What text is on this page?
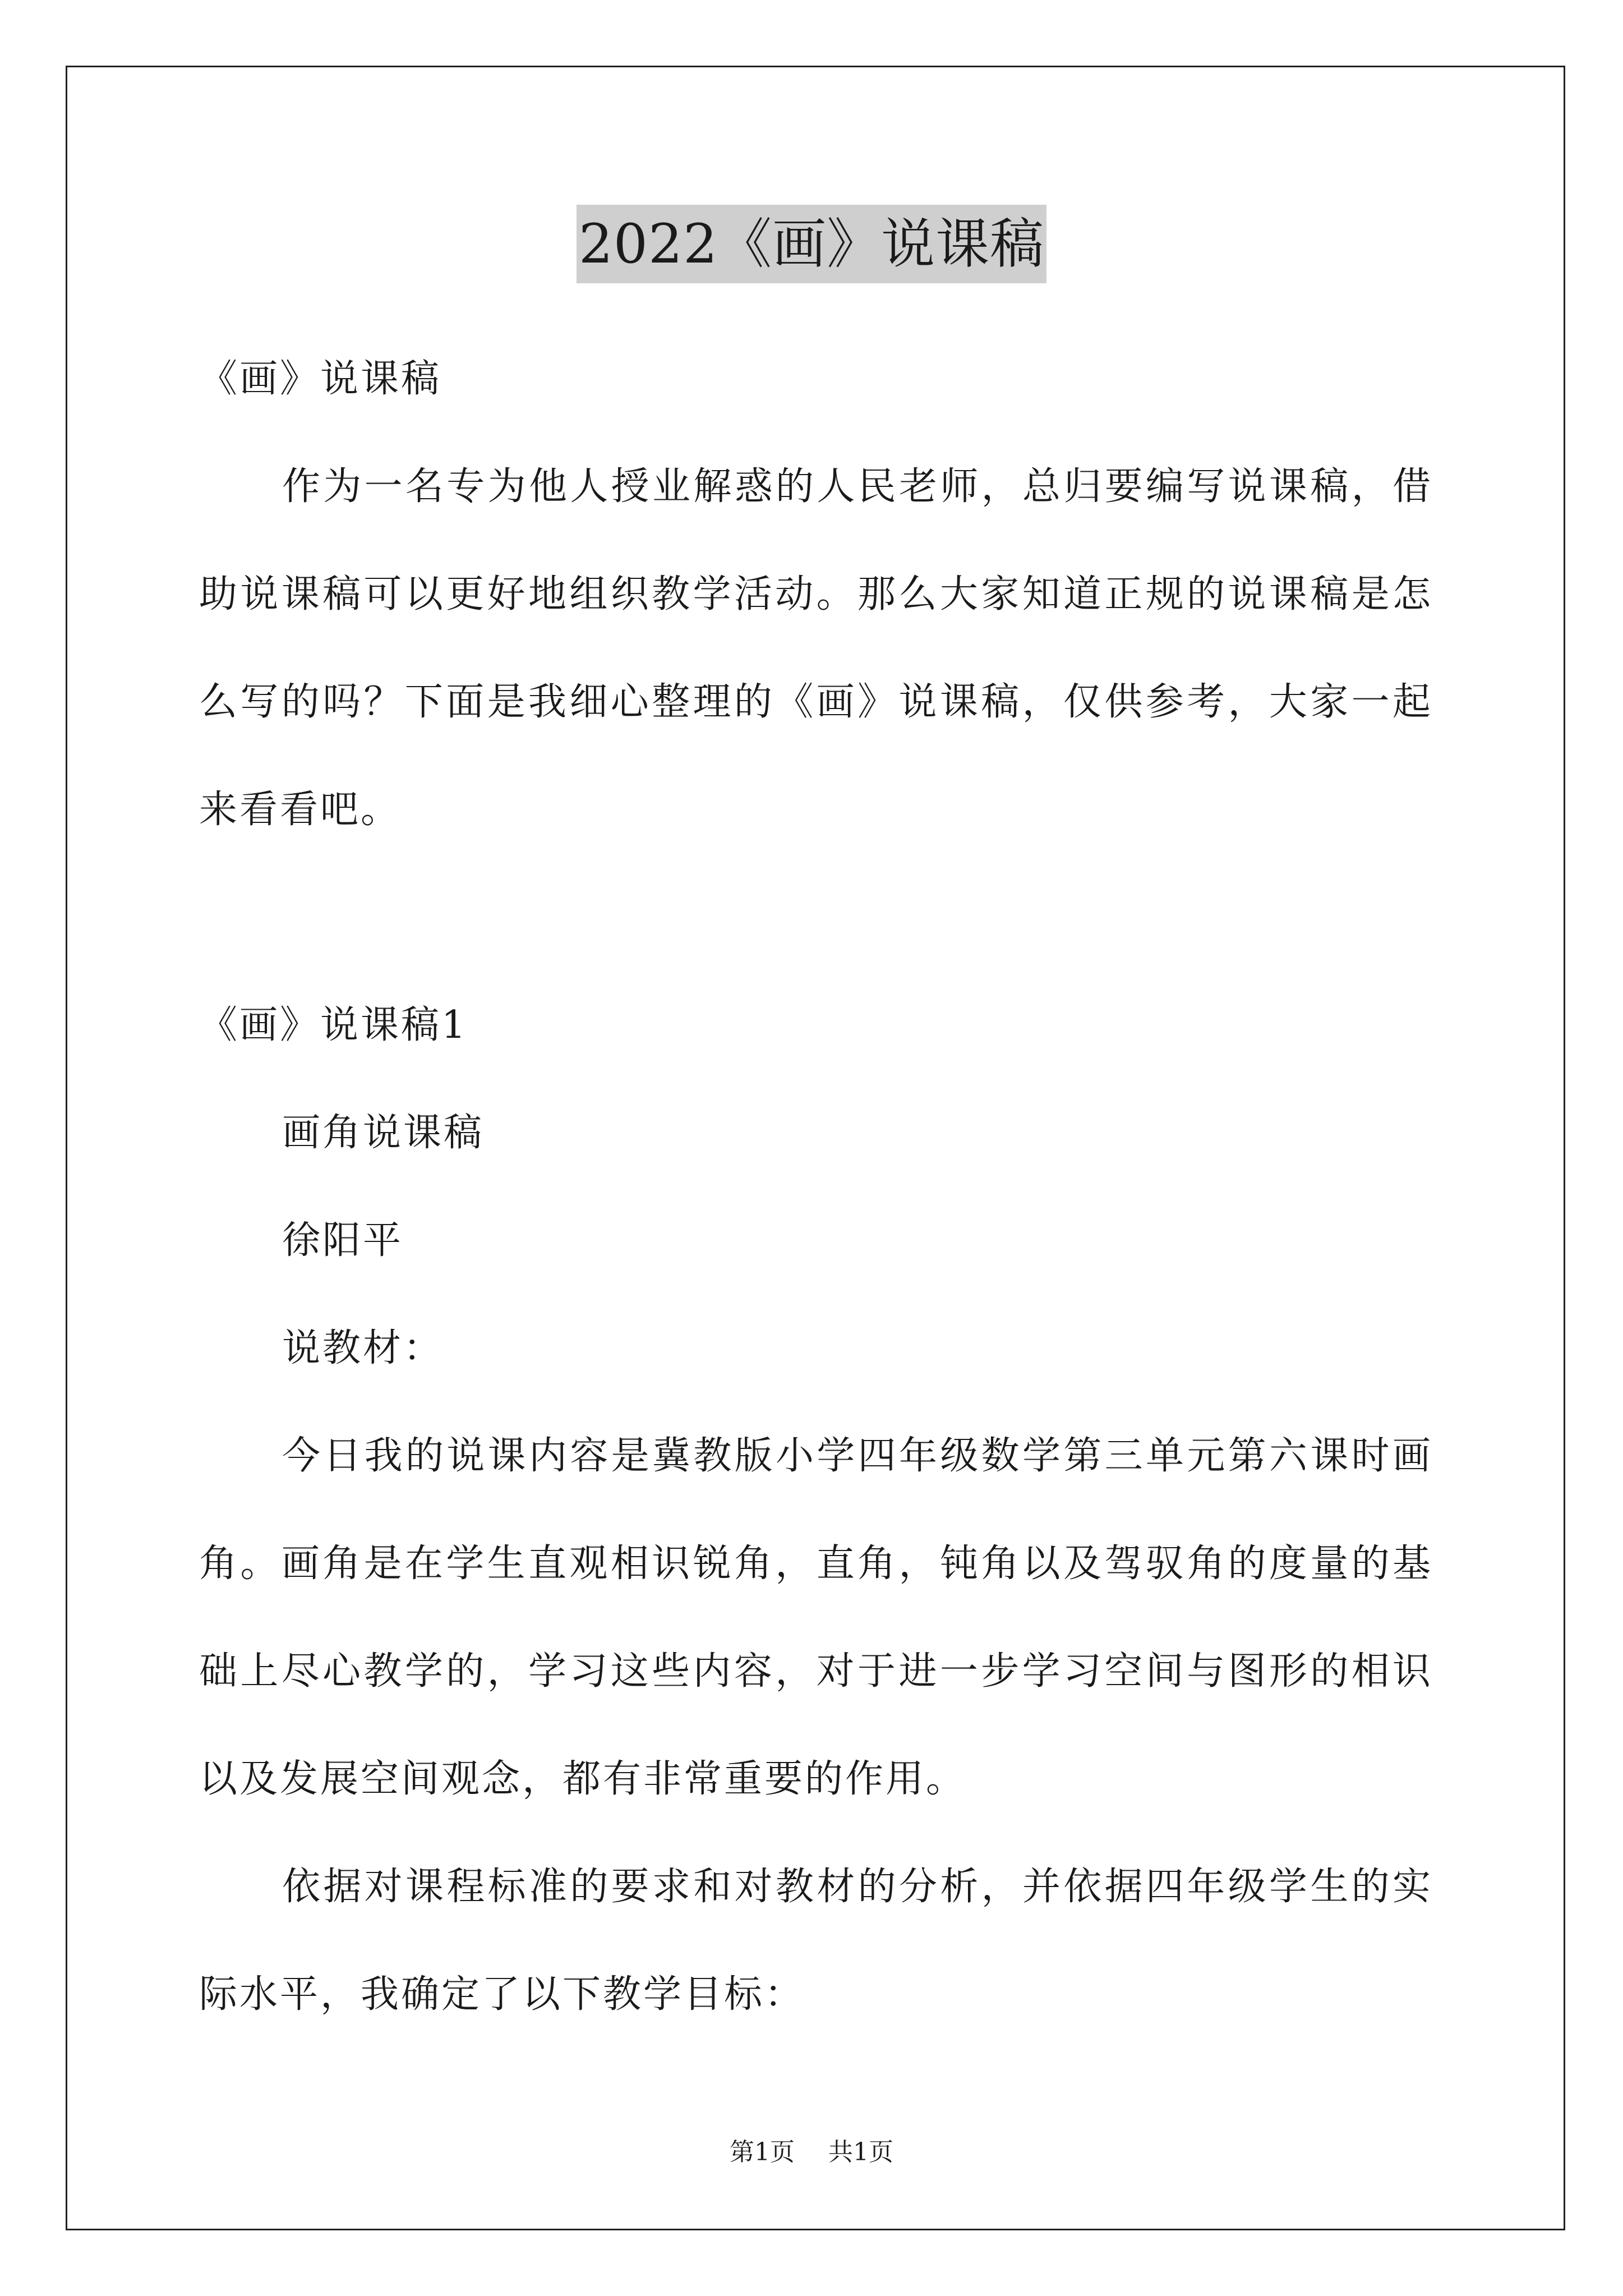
2022《画》说课稿

《画》说课稿

作为一名专为他人授业解惑的人民老师，总归要编写说课稿，借助说课稿可以更好地组织教学活动。那么大家知道正规的说课稿是怎么写的吗？下面是我细心整理的《画》说课稿，仅供参考，大家一起来看看吧。

《画》说课稿1

画角说课稿

徐阳平

说教材：

今日我的说课内容是冀教版小学四年级数学第三单元第六课时画角。画角是在学生直观相识锐角，直角，钝角以及驾驭角的度量的基础上尽心教学的，学习这些内容，对于进一步学习空间与图形的相识以及发展空间观念，都有非常重要的作用。

依据对课程标准的要求和对教材的分析，并依据四年级学生的实际水平，我确定了以下教学目标：

第1页 共1页
